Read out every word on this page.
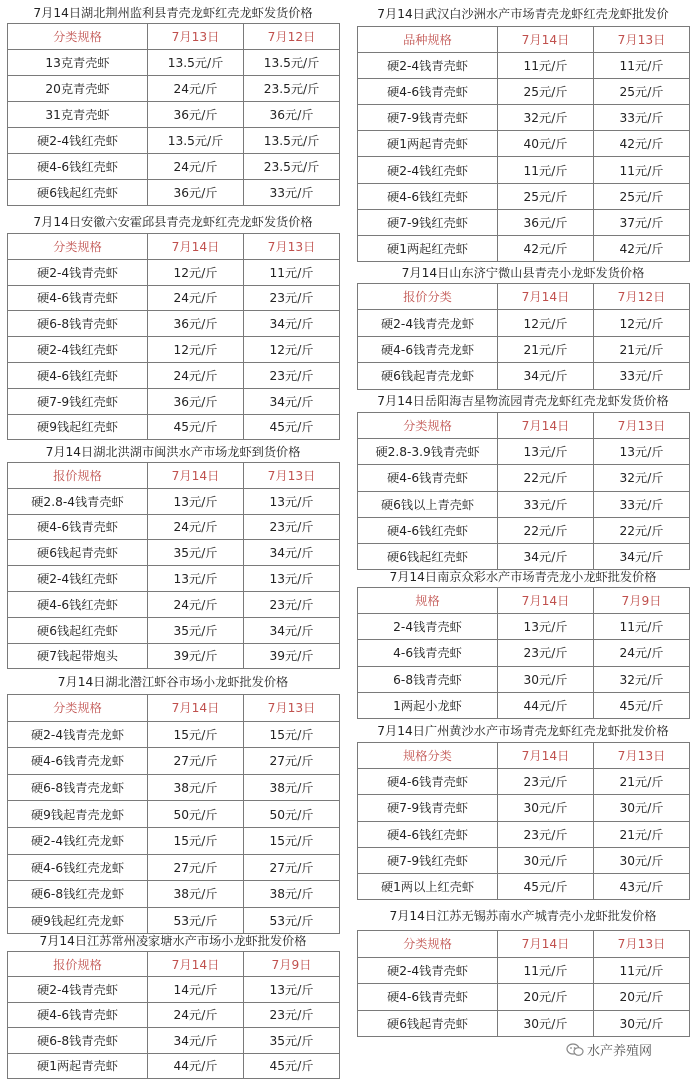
7月14日湖北荆州监利县青壳龙虾红壳龙虾发货价格
分类规格	7月13日	7月12日
13克青壳虾	13.5元/斤	13.5元/斤
20克青壳虾	24元/斤	23.5元/斤
31克青壳虾	36元/斤	36元/斤
硬2-4钱红壳虾	13.5元/斤	13.5元/斤
硬4-6钱红壳虾	24元/斤	23.5元/斤
硬6钱起红壳虾	36元/斤	33元/斤
7月14日安徽六安霍邱县青壳龙虾红壳龙虾发货价格
分类规格	7月14日	7月13日
硬2-4钱青壳虾	12元/斤	11元/斤
硬4-6钱青壳虾	24元/斤	23元/斤
硬6-8钱青壳虾	36元/斤	34元/斤
硬2-4钱红壳虾	12元/斤	12元/斤
硬4-6钱红壳虾	24元/斤	23元/斤
硬7-9钱红壳虾	36元/斤	34元/斤
硬9钱起红壳虾	45元/斤	45元/斤
7月14日湖北洪湖市闽洪水产市场龙虾到货价格
报价规格	7月14日	7月13日
硬2.8-4钱青壳虾	13元/斤	13元/斤
硬4-6钱青壳虾	24元/斤	23元/斤
硬6钱起青壳虾	35元/斤	34元/斤
硬2-4钱红壳虾	13元/斤	13元/斤
硬4-6钱红壳虾	24元/斤	23元/斤
硬6钱起红壳虾	35元/斤	34元/斤
硬7钱起带炮头	39元/斤	39元/斤
7月14日湖北潜江虾谷市场小龙虾批发价格
分类规格	7月14日	7月13日
硬2-4钱青壳龙虾	15元/斤	15元/斤
硬4-6钱青壳龙虾	27元/斤	27元/斤
硬6-8钱青壳龙虾	38元/斤	38元/斤
硬9钱起青壳龙虾	50元/斤	50元/斤
硬2-4钱红壳龙虾	15元/斤	15元/斤
硬4-6钱红壳龙虾	27元/斤	27元/斤
硬6-8钱红壳龙虾	38元/斤	38元/斤
硬9钱起红壳龙虾	53元/斤	53元/斤
7月14日江苏常州凌家塘水产市场小龙虾批发价格
报价规格	7月14日	7月9日
硬2-4钱青壳虾	14元/斤	13元/斤
硬4-6钱青壳虾	24元/斤	23元/斤
硬6-8钱青壳虾	34元/斤	35元/斤
硬1两起青壳虾	44元/斤	45元/斤
7月14日武汉白沙洲水产市场青壳龙虾红壳龙虾批发价
品种规格	7月14日	7月13日
硬2-4钱青壳虾	11元/斤	11元/斤
硬4-6钱青壳虾	25元/斤	25元/斤
硬7-9钱青壳虾	32元/斤	33元/斤
硬1两起青壳虾	40元/斤	42元/斤
硬2-4钱红壳虾	11元/斤	11元/斤
硬4-6钱红壳虾	25元/斤	25元/斤
硬7-9钱红壳虾	36元/斤	37元/斤
硬1两起红壳虾	42元/斤	42元/斤
7月14日山东济宁微山县青壳小龙虾发货价格
报价分类	7月14日	7月12日
硬2-4钱青壳龙虾	12元/斤	12元/斤
硬4-6钱青壳龙虾	21元/斤	21元/斤
硬6钱起青壳龙虾	34元/斤	33元/斤
7月14日岳阳海吉星物流园青壳龙虾红壳龙虾发货价格
分类规格	7月14日	7月13日
硬2.8-3.9钱青壳虾	13元/斤	13元/斤
硬4-6钱青壳虾	22元/斤	32元/斤
硬6钱以上青壳虾	33元/斤	33元/斤
硬4-6钱红壳虾	22元/斤	22元/斤
硬6钱起红壳虾	34元/斤	34元/斤
7月14日南京众彩水产市场青壳龙小龙虾批发价格
规格	7月14日	7月9日
2-4钱青壳虾	13元/斤	11元/斤
4-6钱青壳虾	23元/斤	24元/斤
6-8钱青壳虾	30元/斤	32元/斤
1两起小龙虾	44元/斤	45元/斤
7月14日广州黄沙水产市场青壳龙虾红壳龙虾批发价格
规格分类	7月14日	7月13日
硬4-6钱青壳虾	23元/斤	21元/斤
硬7-9钱青壳虾	30元/斤	30元/斤
硬4-6钱红壳虾	23元/斤	21元/斤
硬7-9钱红壳虾	30元/斤	30元/斤
硬1两以上红壳虾	45元/斤	43元/斤
7月14日江苏无锡苏南水产城青壳小龙虾批发价格
分类规格	7月14日	7月13日
硬2-4钱青壳虾	11元/斤	11元/斤
硬4-6钱青壳虾	20元/斤	20元/斤
硬6钱起青壳虾	30元/斤	30元/斤
水产养殖网
